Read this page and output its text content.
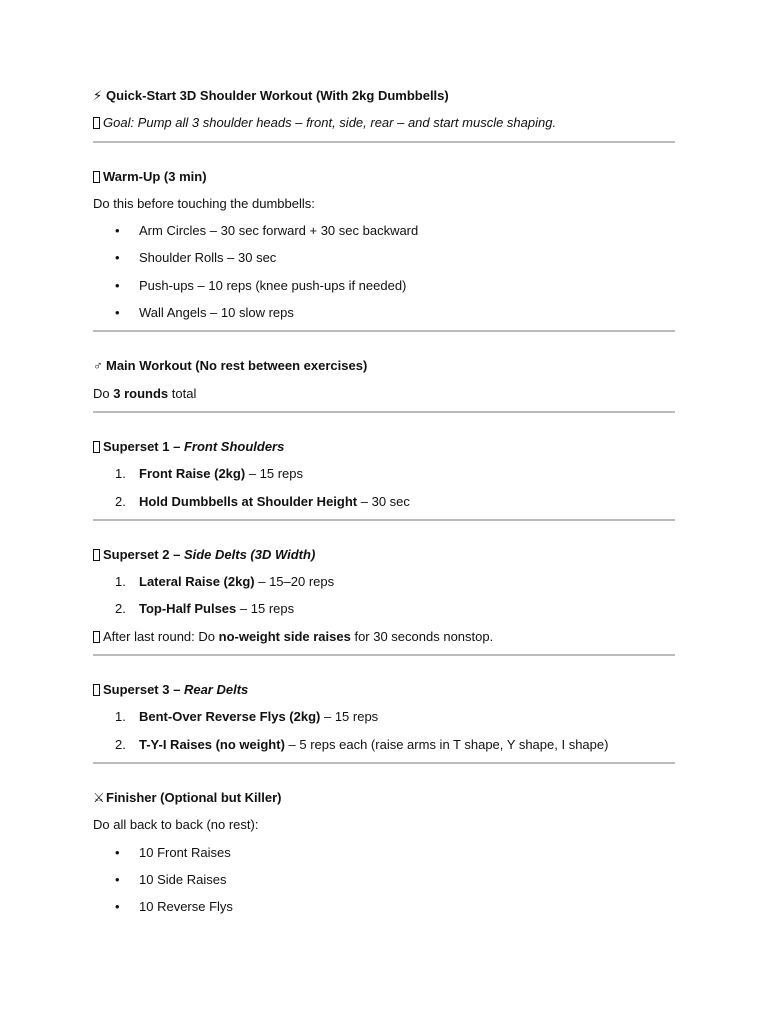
⚡ Quick-Start 3D Shoulder Workout (With 2kg Dumbbells)
Goal: Pump all 3 shoulder heads – front, side, rear – and start muscle shaping.
Warm-Up (3 min)
Do this before touching the dumbbells:
• Arm Circles – 30 sec forward + 30 sec backward
• Shoulder Rolls – 30 sec
• Push-ups – 10 reps (knee push-ups if needed)
• Wall Angels – 10 slow reps
♂ Main Workout (No rest between exercises)
Do 3 rounds total
Superset 1 – Front Shoulders
1. Front Raise (2kg) – 15 reps
2. Hold Dumbbells at Shoulder Height – 30 sec
Superset 2 – Side Delts (3D Width)
1. Lateral Raise (2kg) – 15–20 reps
2. Top-Half Pulses – 15 reps
After last round: Do no-weight side raises for 30 seconds nonstop.
Superset 3 – Rear Delts
1. Bent-Over Reverse Flys (2kg) – 15 reps
2. T-Y-I Raises (no weight) – 5 reps each (raise arms in T shape, Y shape, I shape)
⚔Finisher (Optional but Killer)
Do all back to back (no rest):
• 10 Front Raises
• 10 Side Raises
• 10 Reverse Flys
